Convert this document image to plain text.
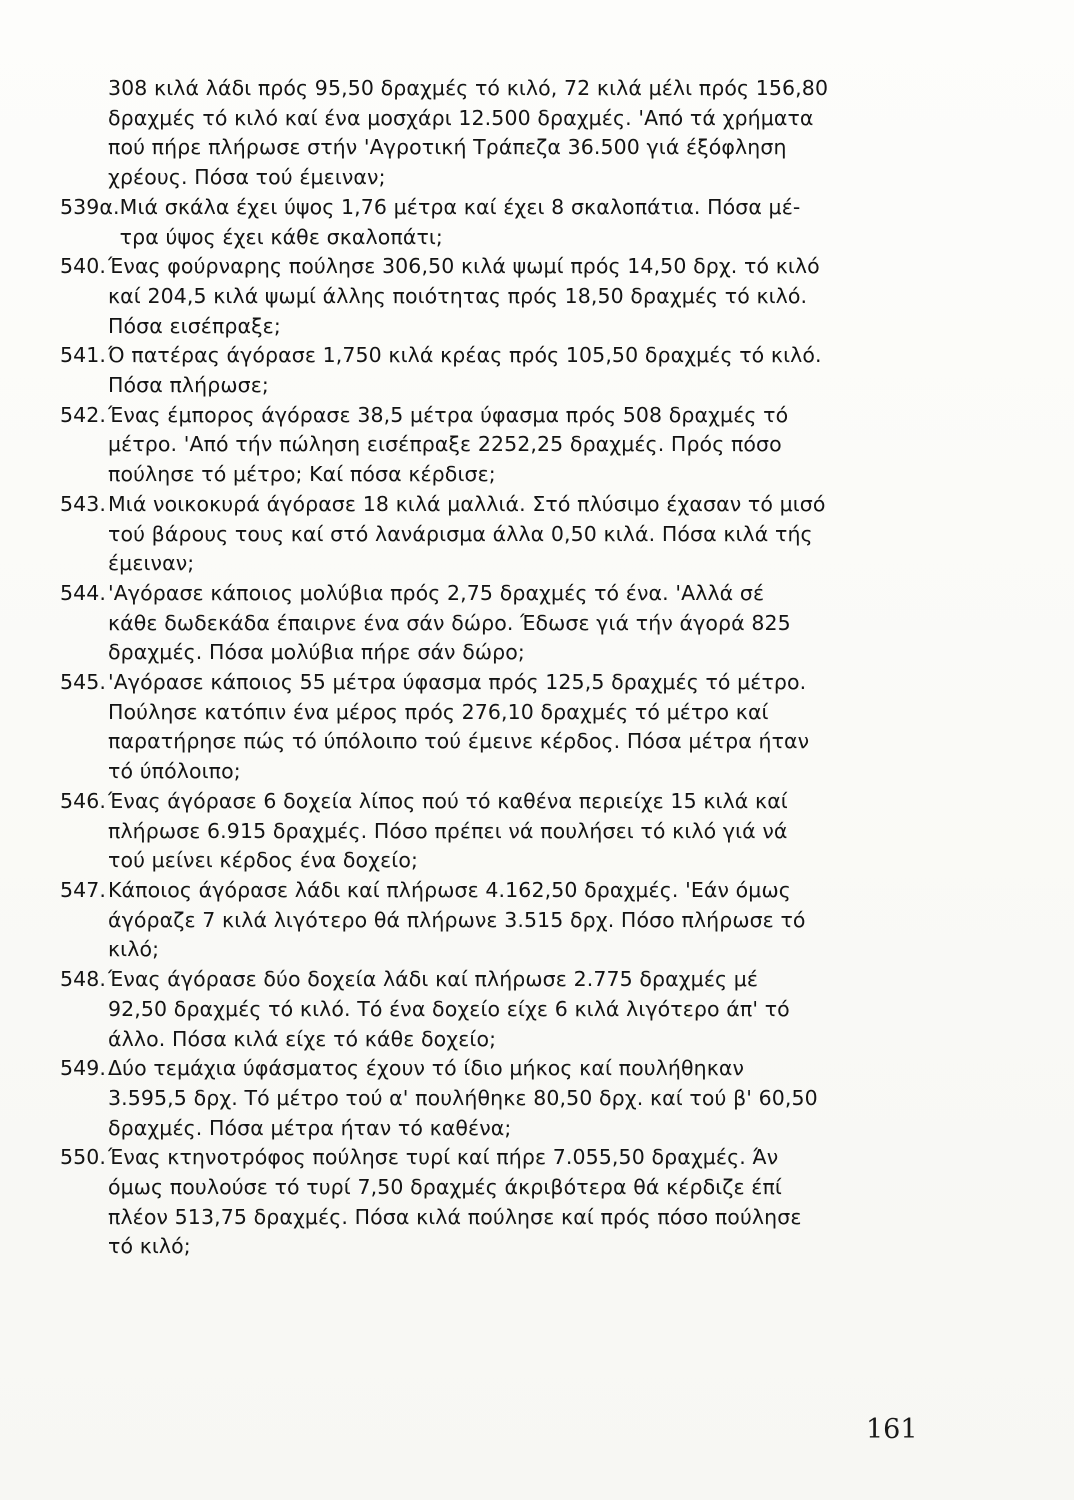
308 κιλά λάδι πρός 95,50 δραχμές τό κιλό, 72 κιλά μέλι πρός 156,80
δραχμές τό κιλό καί ένα μοσχάρι 12.500 δραχμές. 'Από τά χρήματα
πού πήρε πλήρωσε στήν 'Αγροτική Τράπεζα 36.500 γιά έξόφληση
χρέους. Πόσα τού έμειναν;
539α. Μιά σκάλα έχει ύψος 1,76 μέτρα καί έχει 8 σκαλοπάτια. Πόσα μέ-
τρα ύψος έχει κάθε σκαλοπάτι;
540. Ένας φούρναρης πούλησε 306,50 κιλά ψωμί πρός 14,50 δρχ. τό κιλό
καί 204,5 κιλά ψωμί άλλης ποιότητας πρός 18,50 δραχμές τό κιλό.
Πόσα εισέπραξε;
541. Ό πατέρας άγόρασε 1,750 κιλά κρέας πρός 105,50 δραχμές τό κιλό.
Πόσα πλήρωσε;
542. Ένας έμπορος άγόρασε 38,5 μέτρα ύφασμα πρός 508 δραχμές τό
μέτρο. 'Από τήν πώληση εισέπραξε 2252,25 δραχμές. Πρός πόσο
πούλησε τό μέτρο; Καί πόσα κέρδισε;
543. Μιά νοικοκυρά άγόρασε 18 κιλά μαλλιά. Στό πλύσιμο έχασαν τό μισό
τού βάρους τους καί στό λανάρισμα άλλα 0,50 κιλά. Πόσα κιλά τής
έμειναν;
544. 'Αγόρασε κάποιος μολύβια πρός 2,75 δραχμές τό ένα. 'Αλλά σέ
κάθε δωδεκάδα έπαιρνε ένα σάν δώρο. Έδωσε γιά τήν άγορά 825
δραχμές. Πόσα μολύβια πήρε σάν δώρο;
545. 'Αγόρασε κάποιος 55 μέτρα ύφασμα πρός 125,5 δραχμές τό μέτρο.
Πούλησε κατόπιν ένα μέρος πρός 276,10 δραχμές τό μέτρο καί
παρατήρησε πώς τό ύπόλοιπο τού έμεινε κέρδος. Πόσα μέτρα ήταν
τό ύπόλοιπο;
546. Ένας άγόρασε 6 δοχεία λίπος πού τό καθένα περιείχε 15 κιλά καί
πλήρωσε 6.915 δραχμές. Πόσο πρέπει νά πουλήσει τό κιλό γιά νά
τού μείνει κέρδος ένα δοχείο;
547. Κάποιος άγόρασε λάδι καί πλήρωσε 4.162,50 δραχμές. 'Εάν όμως
άγόραζε 7 κιλά λιγότερο θά πλήρωνε 3.515 δρχ. Πόσο πλήρωσε τό
κιλό;
548. Ένας άγόρασε δύο δοχεία λάδι καί πλήρωσε 2.775 δραχμές μέ
92,50 δραχμές τό κιλό. Τό ένα δοχείο είχε 6 κιλά λιγότερο άπ' τό
άλλο. Πόσα κιλά είχε τό κάθε δοχείο;
549. Δύο τεμάχια ύφάσματος έχουν τό ίδιο μήκος καί πουλήθηκαν
3.595,5 δρχ. Τό μέτρο τού α' πουλήθηκε 80,50 δρχ. καί τού β' 60,50
δραχμές. Πόσα μέτρα ήταν τό καθένα;
550. Ένας κτηνοτρόφος πούλησε τυρί καί πήρε 7.055,50 δραχμές. Άν
όμως πουλούσε τό τυρί 7,50 δραχμές άκριβότερα θά κέρδιζε έπί
πλέον 513,75 δραχμές. Πόσα κιλά πούλησε καί πρός πόσο πούλησε
τό κιλό;
161
